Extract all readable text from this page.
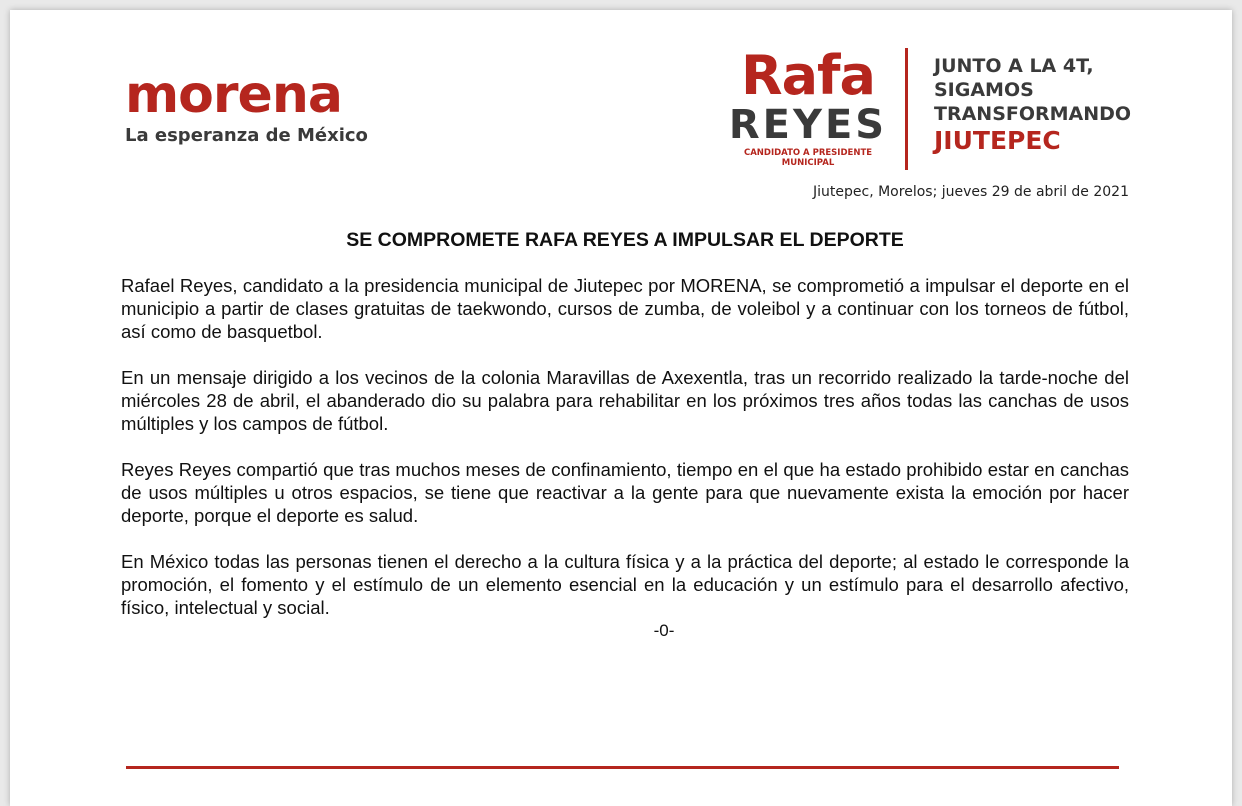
morena
La esperanza de México
Rafa
REYES
CANDIDATO A PRESIDENTE
MUNICIPAL
JUNTO A LA 4T,
SIGAMOS
TRANSFORMANDO
JIUTEPEC
Jiutepec, Morelos; jueves 29 de abril de 2021
SE COMPROMETE RAFA REYES A IMPULSAR EL DEPORTE

Rafael Reyes, candidato a la presidencia municipal de Jiutepec por MORENA, se comprometió a impulsar el deporte en el municipio a partir de clases gratuitas de taekwondo, cursos de zumba, de voleibol y a continuar con los torneos de fútbol, así como de basquetbol.

En un mensaje dirigido a los vecinos de la colonia Maravillas de Axexentla, tras un recorrido realizado la tarde-noche del miércoles 28 de abril, el abanderado dio su palabra para rehabilitar en los próximos tres años todas las canchas de usos múltiples y los campos de fútbol.

Reyes Reyes compartió que tras muchos meses de confinamiento, tiempo en el que ha estado prohibido estar en canchas de usos múltiples u otros espacios, se tiene que reactivar a la gente para que nuevamente exista la emoción por hacer deporte, porque el deporte es salud.

En México todas las personas tienen el derecho a la cultura física y a la práctica del deporte; al estado le corresponde la promoción, el fomento y el estímulo de un elemento esencial en la educación y un estímulo para el desarrollo afectivo, físico, intelectual y social.

-0-
